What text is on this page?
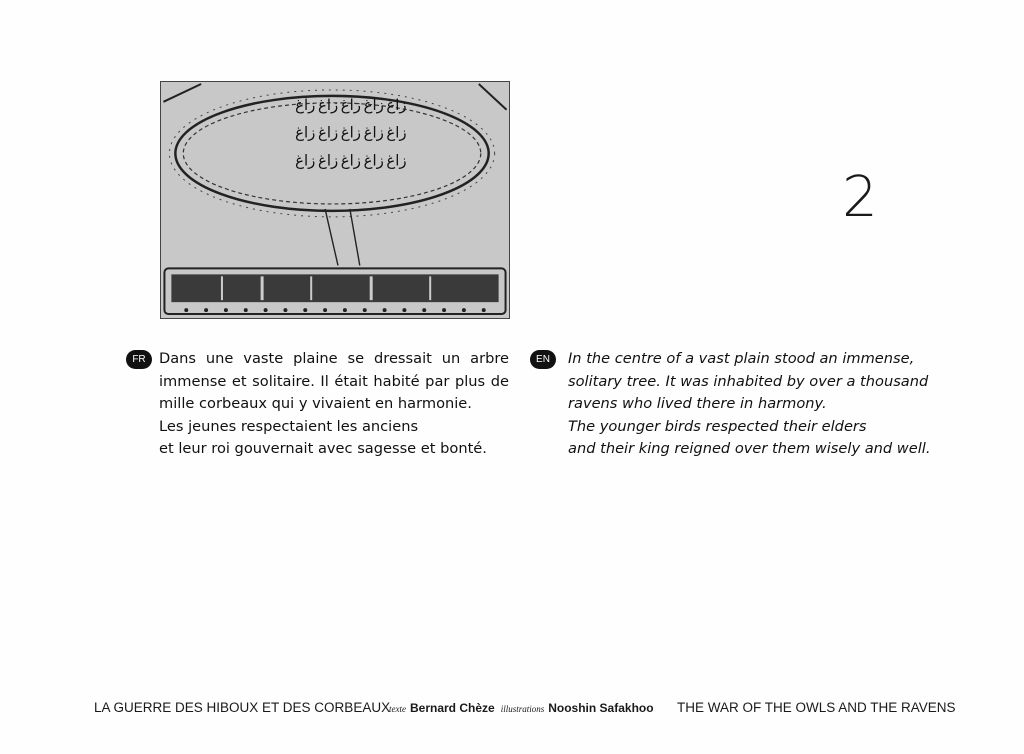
زاغ زاغ زاغ زاغ زاغ
زاغ زاغ زاغ زاغ زاغ
زاغ زاغ زاغ زاغ زاغ
2
FR Dans une vaste plaine se dressait un arbre

immense et solitaire. Il était habité par plus de

mille corbeaux qui y vivaient en harmonie.

Les jeunes respectaient les anciens

et leur roi gouvernait avec sagesse et bonté.

EN	In the centre of a vast plain stood an immense,

solitary tree. It was inhabited by over a thousand

ravens who lived there in harmony.

The younger birds respected their elders

and their king reigned over them wisely and well.

LA GUERRE DES HIBOUX ET DES CORBEAUX
texte Bernard Chèze illustrations Nooshin Safakhoo	THE WAR OF THE OWLS AND THE RAVENS
